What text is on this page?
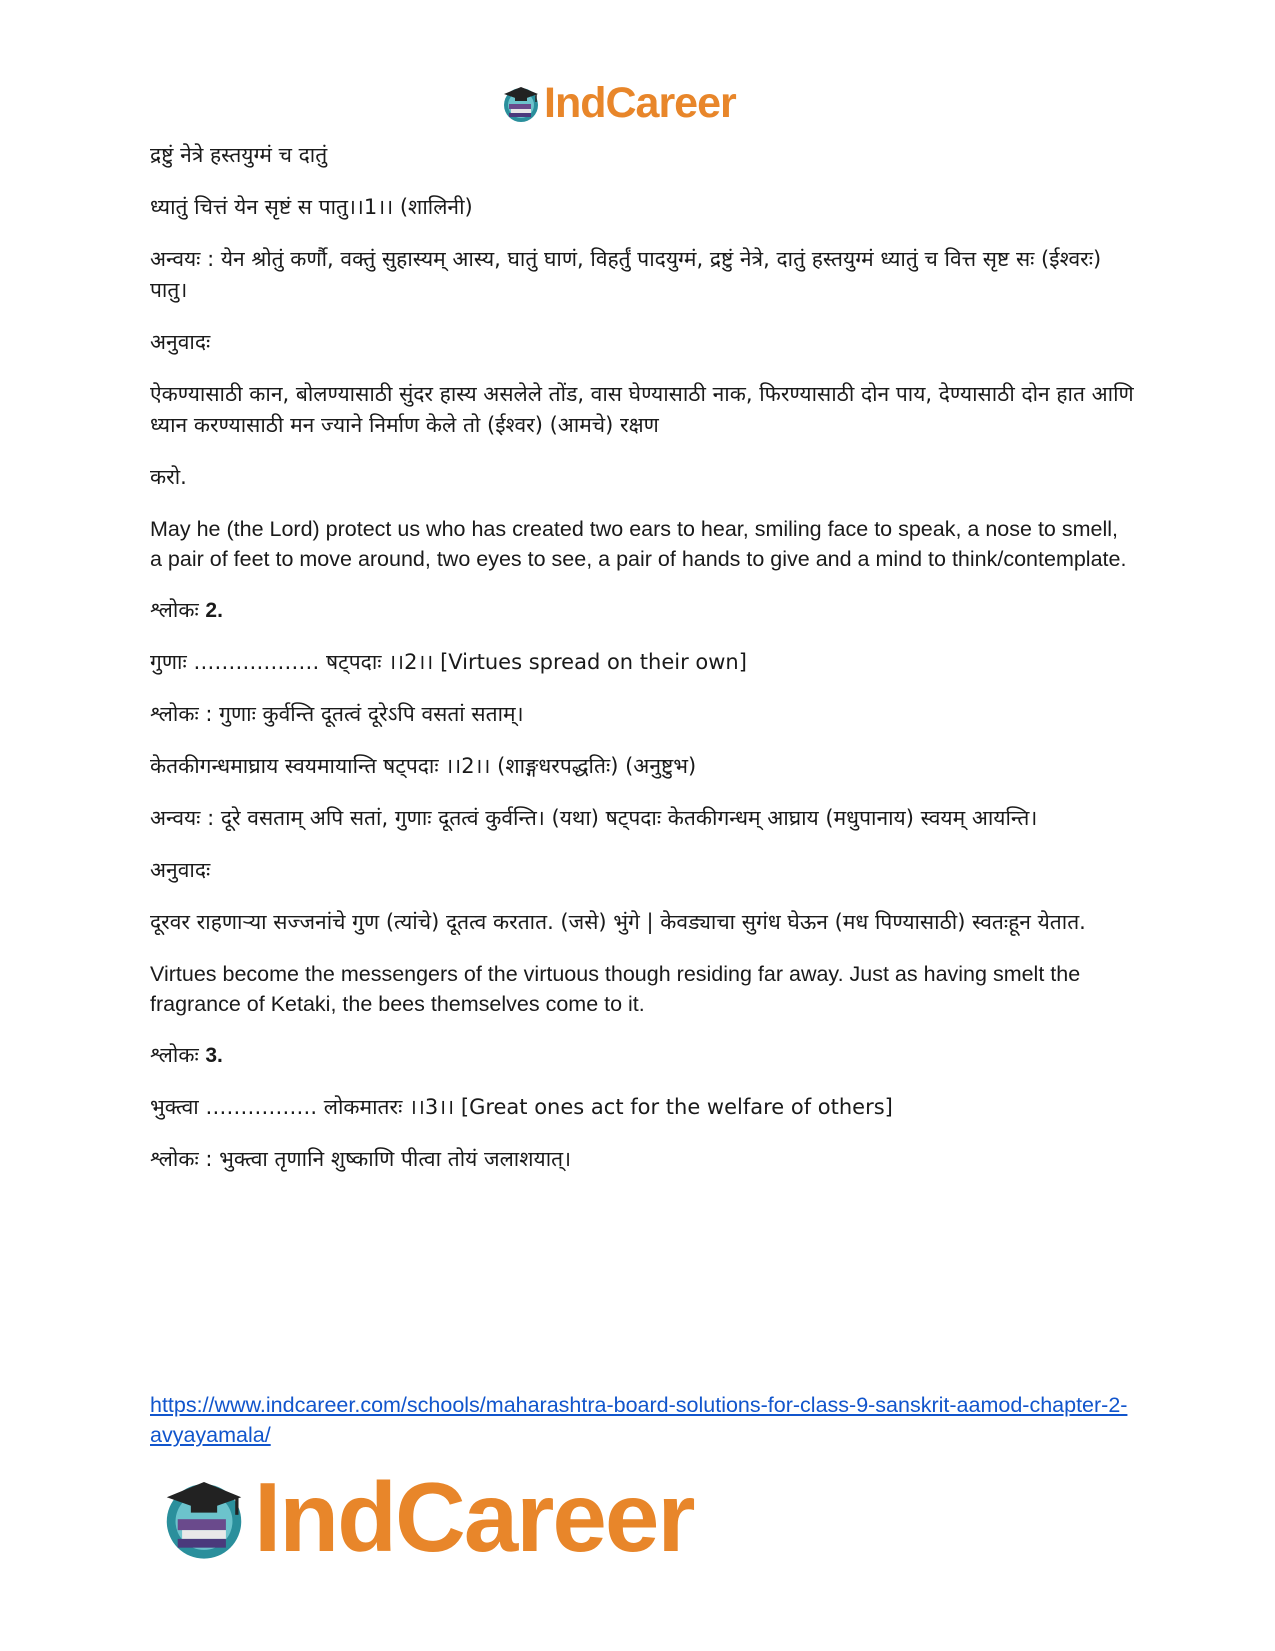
IndCareer

द्रष्टुं नेत्रे हस्तयुग्मं च दातुं

ध्यातुं चित्तं येन सृष्टं स पातु।।1।। (शालिनी)

अन्वयः : येन श्रोतुं कर्णौ, वक्तुं सुहास्यम् आस्य, घातुं घाणं, विहर्तुं पादयुग्मं, द्रष्टुं नेत्रे, दातुं हस्तयुग्मं ध्यातुं च वित्त सृष्ट सः (ईश्वरः) पातु।

अनुवादः

ऐकण्यासाठी कान, बोलण्यासाठी सुंदर हास्य असलेले तोंड, वास घेण्यासाठी नाक, फिरण्यासाठी दोन पाय, देण्यासाठी दोन हात आणि ध्यान करण्यासाठी मन ज्याने निर्माण केले तो (ईश्वर) (आमचे) रक्षण

करो.

May he (the Lord) protect us who has created two ears to hear, smiling face to speak, a nose to smell, a pair of feet to move around, two eyes to see, a pair of hands to give and a mind to think/contemplate.

श्लोकः 2.

गुणाः ……………… षट्पदाः ।।2।। [Virtues spread on their own]

श्लोकः : गुणाः कुर्वन्ति दूतत्वं दूरेऽपि वसतां सताम्।

केतकीगन्धमाघ्राय स्वयमायान्ति षट्पदाः ।।2।। (शाङ्गधरपद्धतिः) (अनुष्टुभ)

अन्वयः : दूरे वसताम् अपि सतां, गुणाः दूतत्वं कुर्वन्ति। (यथा) षट्पदाः केतकीगन्धम् आघ्राय (मधुपानाय) स्वयम् आयन्ति।

अनुवादः

दूरवर राहणाऱ्या सज्जनांचे गुण (त्यांचे) दूतत्व करतात. (जसे) भुंगे | केवड्याचा सुगंध घेऊन (मध पिण्यासाठी) स्वतःहून येतात.

Virtues become the messengers of the virtuous though residing far away. Just as having smelt the fragrance of Ketaki, the bees themselves come to it.

श्लोकः 3.

भुक्त्वा ……………. लोकमातरः ।।3।। [Great ones act for the welfare of others]

श्लोकः : भुक्त्वा तृणानि शुष्काणि पीत्वा तोयं जलाशयात्।

https://www.indcareer.com/schools/maharashtra-board-solutions-for-class-9-sanskrit-aamod-chapter-2-avyayamala/
IndCareer
